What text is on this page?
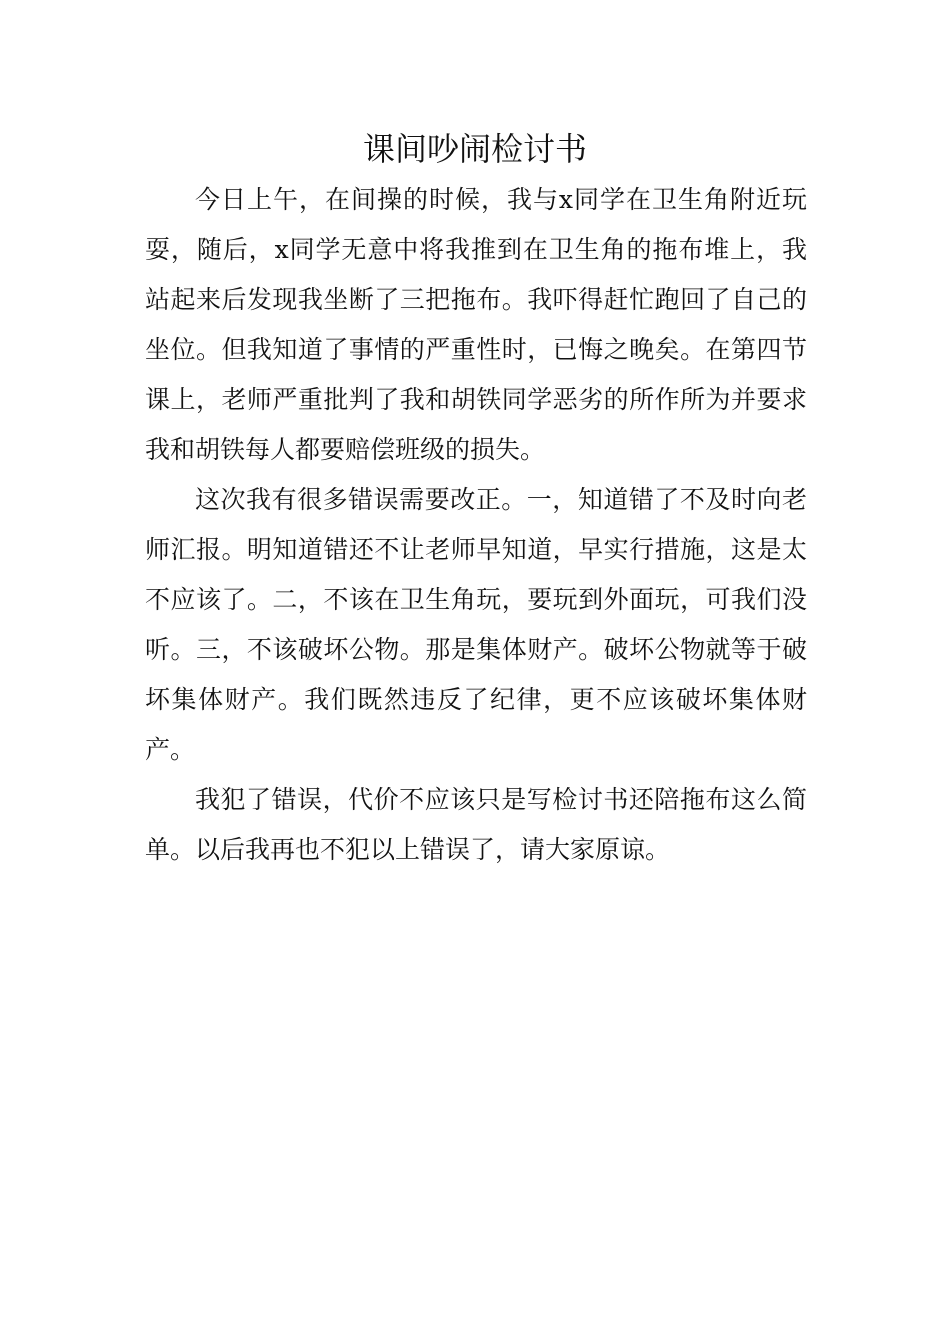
课间吵闹检讨书

今日上午，在间操的时候，我与x同学在卫生角附近玩耍，随后，x同学无意中将我推到在卫生角的拖布堆上，我站起来后发现我坐断了三把拖布。我吓得赶忙跑回了自己的坐位。但我知道了事情的严重性时，已悔之晚矣。在第四节课上，老师严重批判了我和胡铁同学恶劣的所作所为并要求我和胡铁每人都要赔偿班级的损失。

这次我有很多错误需要改正。一，知道错了不及时向老师汇报。明知道错还不让老师早知道，早实行措施，这是太不应该了。二，不该在卫生角玩，要玩到外面玩，可我们没听。三，不该破坏公物。那是集体财产。破坏公物就等于破坏集体财产。我们既然违反了纪律，更不应该破坏集体财产。

我犯了错误，代价不应该只是写检讨书还陪拖布这么简单。以后我再也不犯以上错误了，请大家原谅。
